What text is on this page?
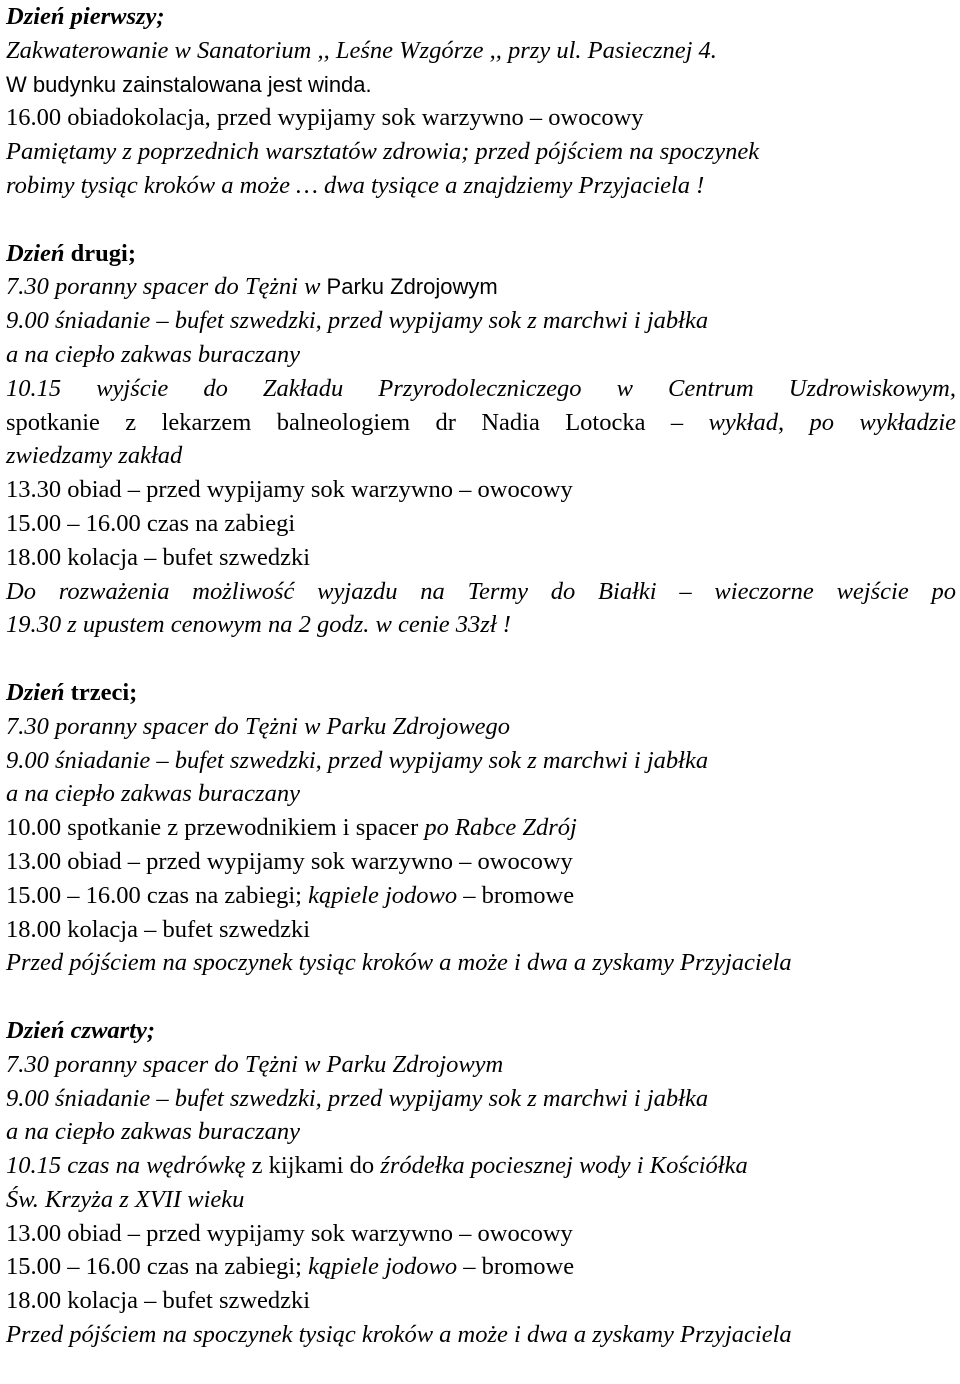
Dzień pierwszy;
Zakwaterowanie w Sanatorium ,, Leśne Wzgórze ,, przy ul. Pasiecznej 4.
W budynku zainstalowana jest winda.
16.00 obiadokolacja, przed wypijamy sok warzywno – owocowy
Pamiętamy z poprzednich warsztatów zdrowia; przed pójściem na spoczynek
robimy tysiąc kroków a może … dwa tysiące a znajdziemy Przyjaciela !
Dzień drugi;
7.30 poranny spacer do Tężni w Parku Zdrojowym
9.00 śniadanie – bufet szwedzki, przed wypijamy sok z marchwi i jabłka
a na ciepło zakwas buraczany
10.15 wyjście do Zakładu Przyrodoleczniczego w Centrum Uzdrowiskowym,
spotkanie z lekarzem balneologiem dr Nadia Lotocka – wykład, po wykładzie
zwiedzamy zakład
13.30 obiad – przed wypijamy sok warzywno – owocowy
15.00 – 16.00 czas na zabiegi
18.00 kolacja – bufet szwedzki
Do rozważenia możliwość wyjazdu na Termy do Białki – wieczorne wejście po
19.30 z upustem cenowym na 2 godz. w cenie 33zł !
Dzień trzeci;
7.30 poranny spacer do Tężni w Parku Zdrojowego
9.00 śniadanie – bufet szwedzki, przed wypijamy sok z marchwi i jabłka
a na ciepło zakwas buraczany
10.00 spotkanie z przewodnikiem i spacer po Rabce Zdrój
13.00 obiad – przed wypijamy sok warzywno – owocowy
15.00 – 16.00 czas na zabiegi; kąpiele jodowo – bromowe
18.00 kolacja – bufet szwedzki
Przed pójściem na spoczynek tysiąc kroków a może i dwa a zyskamy Przyjaciela
Dzień czwarty;
7.30 poranny spacer do Tężni w Parku Zdrojowym
9.00 śniadanie – bufet szwedzki, przed wypijamy sok z marchwi i jabłka
a na ciepło zakwas buraczany
10.15 czas na wędrówkę z kijkami do źródełka pociesznej wody i Kościółka
Św. Krzyża z XVII wieku
13.00 obiad – przed wypijamy sok warzywno – owocowy
15.00 – 16.00 czas na zabiegi; kąpiele jodowo – bromowe
18.00 kolacja – bufet szwedzki
Przed pójściem na spoczynek tysiąc kroków a może i dwa a zyskamy Przyjaciela
